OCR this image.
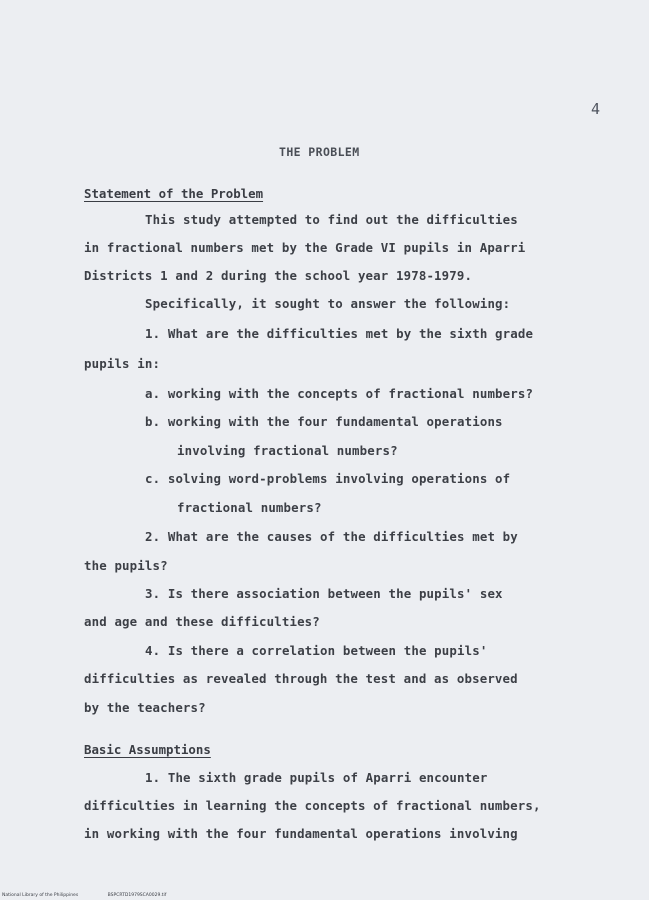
4
THE PROBLEM
Statement of the Problem
This study attempted to find out the difficulties
in fractional numbers met by the Grade VI pupils in Aparri
Districts 1 and 2 during the school year 1978-1979.
Specifically, it sought to answer the following:
1. What are the difficulties met by the sixth grade
pupils in:
a. working with the concepts of fractional numbers?
b. working with the four fundamental operations
involving fractional numbers?
c. solving word-problems involving operations of
fractional numbers?
2. What are the causes of the difficulties met by
the pupils?
3. Is there association between the pupils' sex
and age and these difficulties?
4. Is there a correlation between the pupils'
difficulties as revealed through the test and as observed
by the teachers?
Basic Assumptions
1. The sixth grade pupils of Aparri encounter
difficulties in learning the concepts of fractional numbers,
in working with the four fundamental operations involving
National Library of the Philippines	BSPCRTD1979SCA0029.tif
